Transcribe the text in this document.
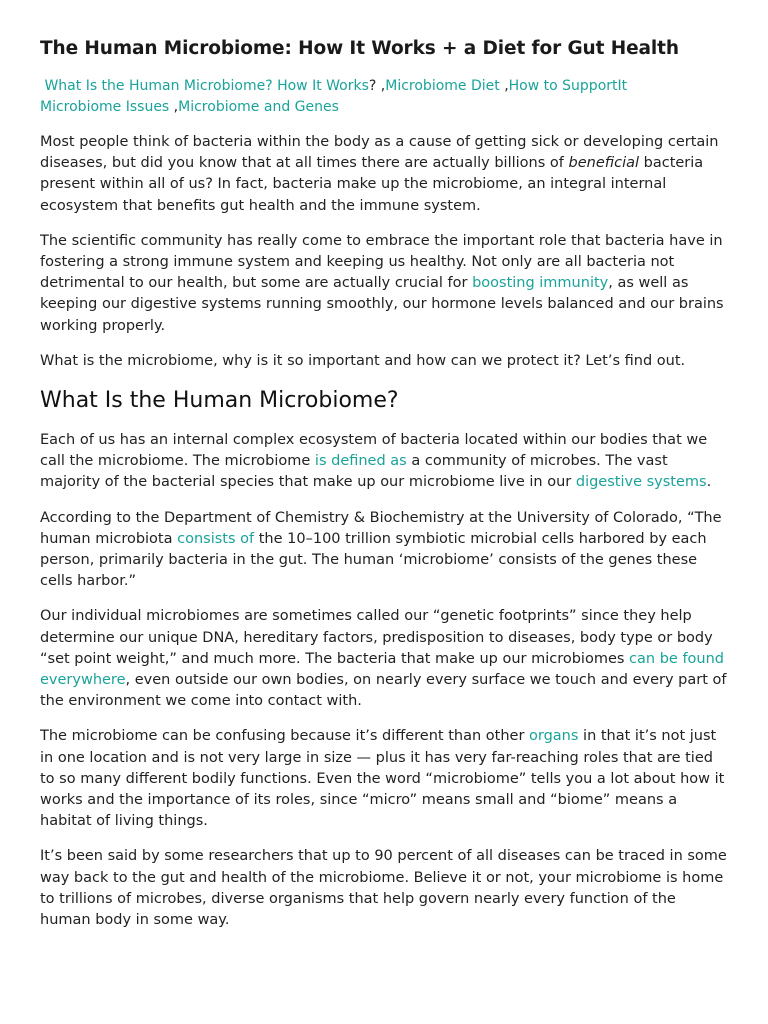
The Human Microbiome: How It Works + a Diet for Gut Health
What Is the Human Microbiome? How It Works? ,Microbiome Diet ,How to SupportIt
Microbiome Issues ,Microbiome and Genes

Most people think of bacteria within the body as a cause of getting sick or developing certain diseases, but did you know that at all times there are actually billions of beneficial bacteria present within all of us? In fact, bacteria make up the microbiome, an integral internal ecosystem that benefits gut health and the immune system.

The scientific community has really come to embrace the important role that bacteria have in fostering a strong immune system and keeping us healthy. Not only are all bacteria not detrimental to our health, but some are actually crucial for boosting immunity, as well as keeping our digestive systems running smoothly, our hormone levels balanced and our brains working properly.

What is the microbiome, why is it so important and how can we protect it? Let’s find out.

What Is the Human Microbiome?

Each of us has an internal complex ecosystem of bacteria located within our bodies that we call the microbiome. The microbiome is defined as a community of microbes. The vast majority of the bacterial species that make up our microbiome live in our digestive systems.

According to the Department of Chemistry & Biochemistry at the University of Colorado, “The human microbiota consists of the 10–100 trillion symbiotic microbial cells harbored by each person, primarily bacteria in the gut. The human ‘microbiome’ consists of the genes these cells harbor.”

Our individual microbiomes are sometimes called our “genetic footprints” since they help determine our unique DNA, hereditary factors, predisposition to diseases, body type or body “set point weight,” and much more. The bacteria that make up our microbiomes can be found everywhere, even outside our own bodies, on nearly every surface we touch and every part of the environment we come into contact with.

The microbiome can be confusing because it’s different than other organs in that it’s not just in one location and is not very large in size — plus it has very far-reaching roles that are tied to so many different bodily functions. Even the word “microbiome” tells you a lot about how it works and the importance of its roles, since “micro” means small and “biome” means a habitat of living things.

It’s been said by some researchers that up to 90 percent of all diseases can be traced in some way back to the gut and health of the microbiome. Believe it or not, your microbiome is home to trillions of microbes, diverse organisms that help govern nearly every function of the human body in some way.
